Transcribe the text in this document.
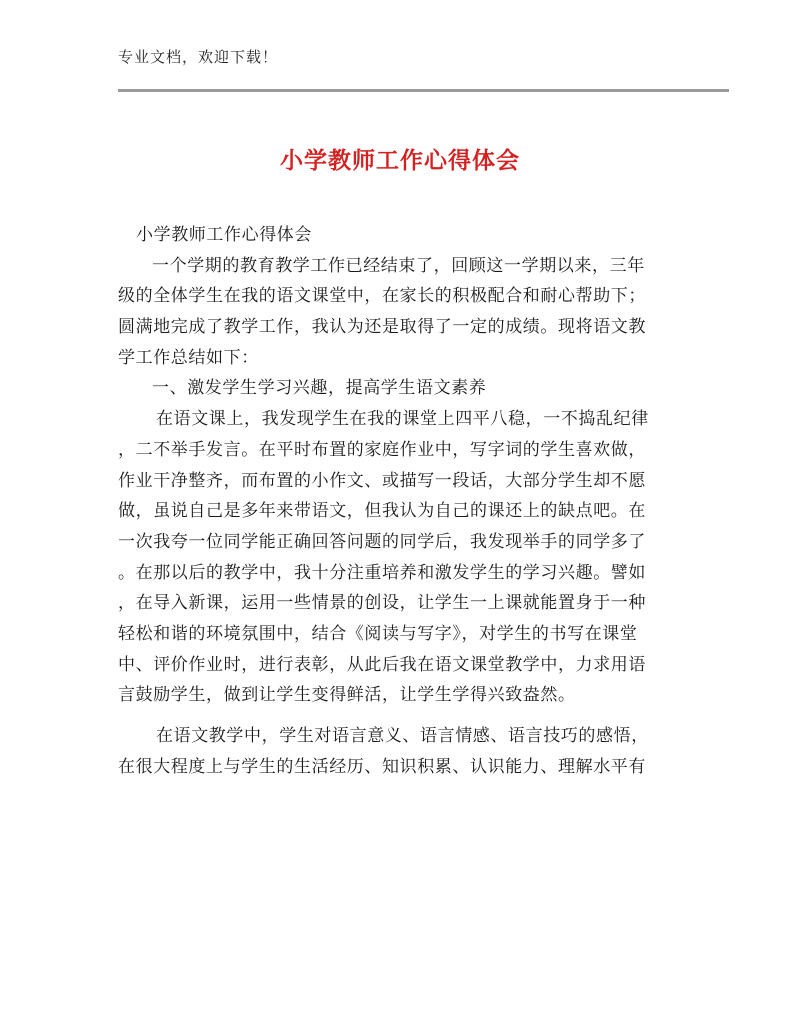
专业文档，欢迎下载！
小学教师工作心得体会
小学教师工作心得体会
一个学期的教育教学工作已经结束了，回顾这一学期以来，三年
级的全体学生在我的语文课堂中，在家长的积极配合和耐心帮助下；
圆满地完成了教学工作，我认为还是取得了一定的成绩。现将语文教
学工作总结如下：
一、激发学生学习兴趣，提高学生语文素养
在语文课上，我发现学生在我的课堂上四平八稳，一不捣乱纪律
，二不举手发言。在平时布置的家庭作业中，写字词的学生喜欢做，
作业干净整齐，而布置的小作文、或描写一段话，大部分学生却不愿
做，虽说自己是多年来带语文，但我认为自己的课还上的缺点吧。在
一次我夸一位同学能正确回答问题的同学后，我发现举手的同学多了
。在那以后的教学中，我十分注重培养和激发学生的学习兴趣。譬如
，在导入新课，运用一些情景的创设，让学生一上课就能置身于一种
轻松和谐的环境氛围中，结合《阅读与写字》，对学生的书写在课堂
中、评价作业时，进行表彰，从此后我在语文课堂教学中，力求用语
言鼓励学生，做到让学生变得鲜活，让学生学得兴致盎然。
在语文教学中，学生对语言意义、语言情感、语言技巧的感悟，
在很大程度上与学生的生活经历、知识积累、认识能力、理解水平有
